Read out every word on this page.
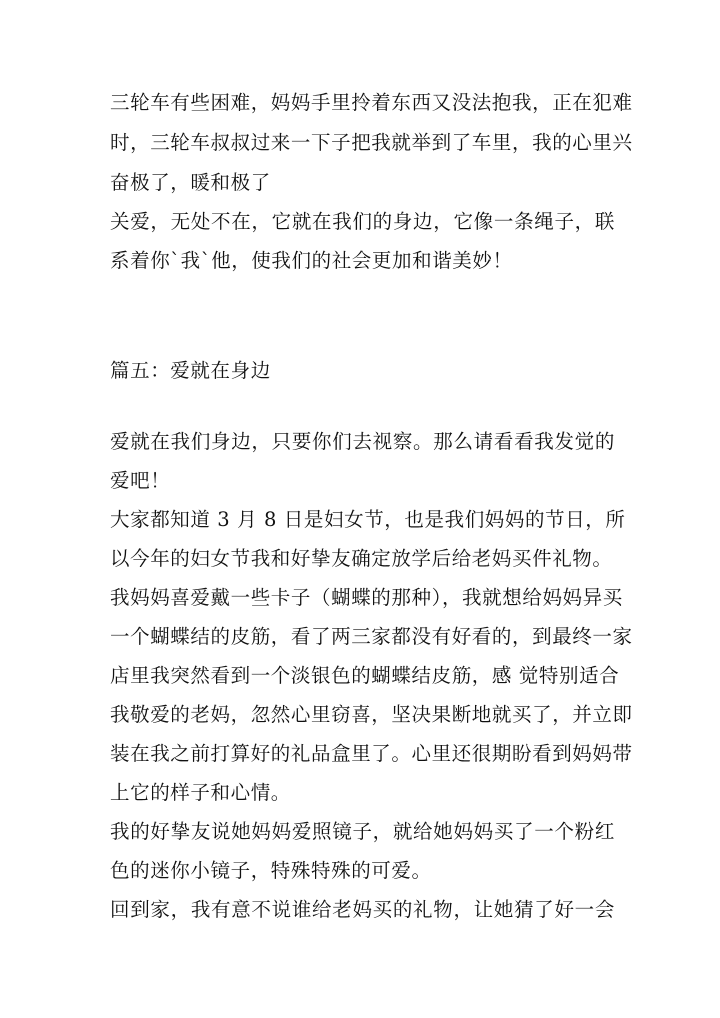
三轮车有些困难，妈妈手里拎着东西又没法抱我，正在犯难
时，三轮车叔叔过来一下子把我就举到了车里，我的心里兴
奋极了，暖和极了
关爱，无处不在，它就在我们的身边，它像一条绳子，联
系着你`我`他，使我们的社会更加和谐美妙！
篇五：爱就在身边
爱就在我们身边，只要你们去视察。那么请看看我发觉的
爱吧！
大家都知道 3 月 8 日是妇女节，也是我们妈妈的节日，所
以今年的妇女节我和好挚友确定放学后给老妈买件礼物。
我妈妈喜爱戴一些卡子（蝴蝶的那种），我就想给妈妈异买
一个蝴蝶结的皮筋，看了两三家都没有好看的，到最终一家
店里我突然看到一个淡银色的蝴蝶结皮筋，感 觉特别适合
我敬爱的老妈，忽然心里窃喜，坚决果断地就买了，并立即
装在我之前打算好的礼品盒里了。心里还很期盼看到妈妈带
上它的样子和心情。
我的好挚友说她妈妈爱照镜子，就给她妈妈买了一个粉红
色的迷你小镜子，特殊特殊的可爱。
回到家，我有意不说谁给老妈买的礼物，让她猜了好一会
